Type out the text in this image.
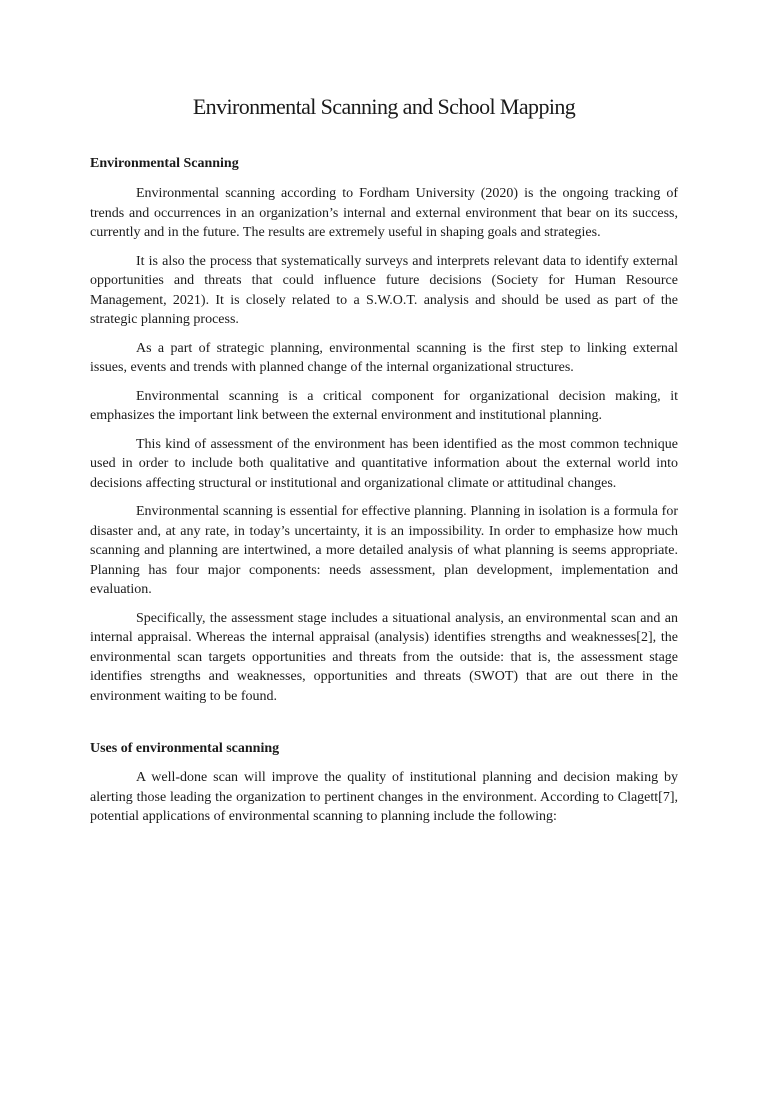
Environmental Scanning and School Mapping
Environmental Scanning

Environmental scanning according to Fordham University (2020) is the ongoing tracking of trends and occurrences in an organization’s internal and external environment that bear on its success, currently and in the future. The results are extremely useful in shaping goals and strategies.

It is also the process that systematically surveys and interprets relevant data to identify external opportunities and threats that could influence future decisions (Society for Human Resource Management, 2021). It is closely related to a S.W.O.T. analysis and should be used as part of the strategic planning process.

As a part of strategic planning, environmental scanning is the first step to linking external issues, events and trends with planned change of the internal organizational structures.

Environmental scanning is a critical component for organizational decision making, it emphasizes the important link between the external environment and institutional planning.

This kind of assessment of the environment has been identified as the most common technique used in order to include both qualitative and quantitative information about the external world into decisions affecting structural or institutional and organizational climate or attitudinal changes.

Environmental scanning is essential for effective planning. Planning in isolation is a formula for disaster and, at any rate, in today’s uncertainty, it is an impossibility. In order to emphasize how much scanning and planning are intertwined, a more detailed analysis of what planning is seems appropriate. Planning has four major components: needs assessment, plan development, implementation and evaluation.

Specifically, the assessment stage includes a situational analysis, an environmental scan and an internal appraisal. Whereas the internal appraisal (analysis) identifies strengths and weaknesses[2], the environmental scan targets opportunities and threats from the outside: that is, the assessment stage identifies strengths and weaknesses, opportunities and threats (SWOT) that are out there in the environment waiting to be found.

Uses of environmental scanning

A well-done scan will improve the quality of institutional planning and decision making by alerting those leading the organization to pertinent changes in the environment. According to Clagett[7], potential applications of environmental scanning to planning include the following:
